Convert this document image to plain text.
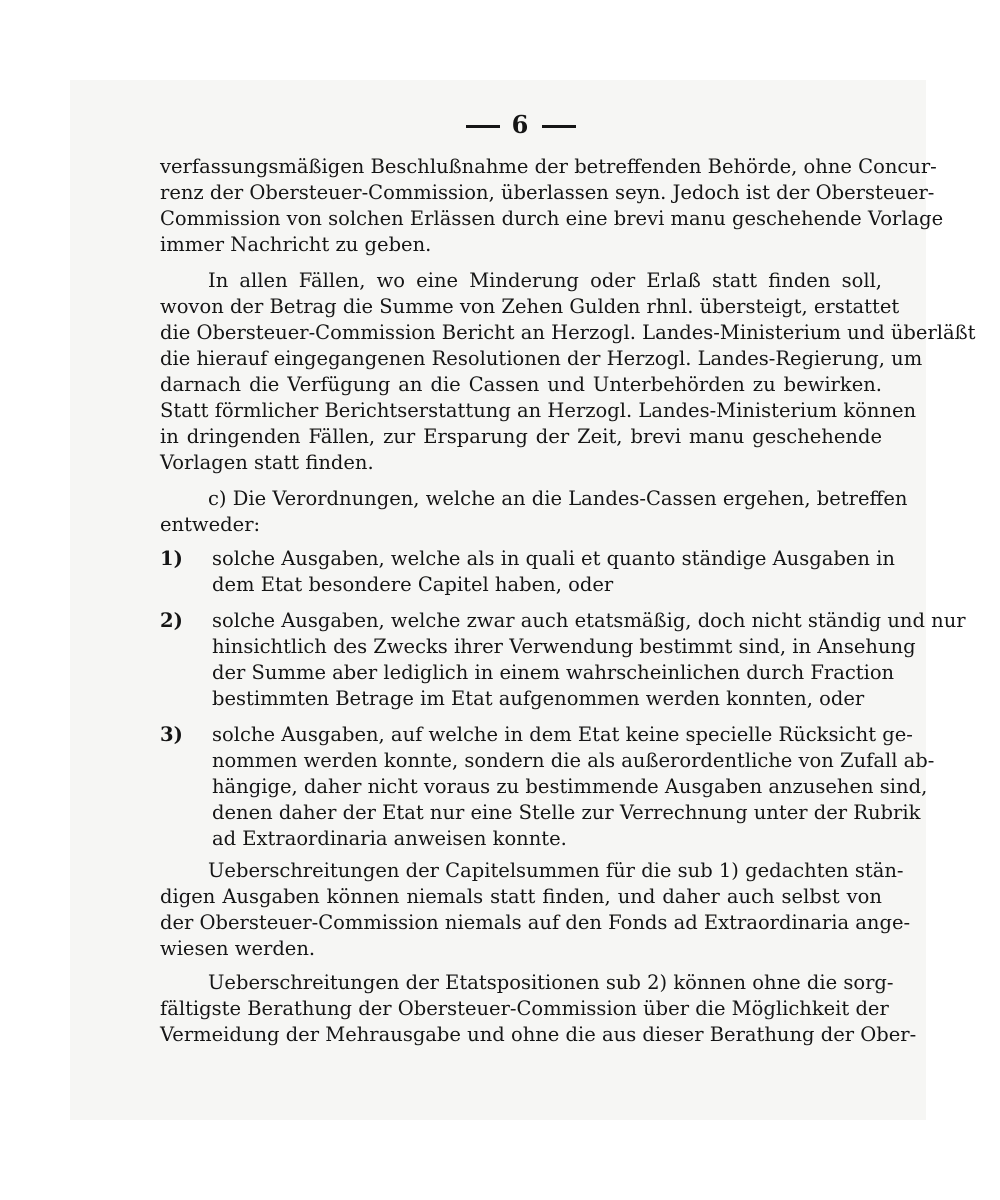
6
verfassungsmäßigen Beschlußnahme der betreffenden Behörde, ohne Concur-
renz der Obersteuer-Commission, überlassen seyn. Jedoch ist der Obersteuer-
Commission von solchen Erlässen durch eine brevi manu geschehende Vorlage
immer Nachricht zu geben.
In allen Fällen, wo eine Minderung oder Erlaß statt finden soll,
wovon der Betrag die Summe von Zehen Gulden rhnl. übersteigt, erstattet
die Obersteuer-Commission Bericht an Herzogl. Landes-Ministerium und überläßt
die hierauf eingegangenen Resolutionen der Herzogl. Landes-Regierung, um
darnach die Verfügung an die Cassen und Unterbehörden zu bewirken.
Statt förmlicher Berichtserstattung an Herzogl. Landes-Ministerium können
in dringenden Fällen, zur Ersparung der Zeit, brevi manu geschehende
Vorlagen statt finden.
c) Die Verordnungen, welche an die Landes-Cassen ergehen, betreffen
entweder:
1) solche Ausgaben, welche als in quali et quanto ständige Ausgaben in
dem Etat besondere Capitel haben, oder
2) solche Ausgaben, welche zwar auch etatsmäßig, doch nicht ständig und nur
hinsichtlich des Zwecks ihrer Verwendung bestimmt sind, in Ansehung
der Summe aber lediglich in einem wahrscheinlichen durch Fraction
bestimmten Betrage im Etat aufgenommen werden konnten, oder
3) solche Ausgaben, auf welche in dem Etat keine specielle Rücksicht ge-
nommen werden konnte, sondern die als außerordentliche von Zufall ab-
hängige, daher nicht voraus zu bestimmende Ausgaben anzusehen sind,
denen daher der Etat nur eine Stelle zur Verrechnung unter der Rubrik
ad Extraordinaria anweisen konnte.
Ueberschreitungen der Capitelsummen für die sub 1) gedachten stän-
digen Ausgaben können niemals statt finden, und daher auch selbst von
der Obersteuer-Commission niemals auf den Fonds ad Extraordinaria ange-
wiesen werden.
Ueberschreitungen der Etatspositionen sub 2) können ohne die sorg-
fältigste Berathung der Obersteuer-Commission über die Möglichkeit der
Vermeidung der Mehrausgabe und ohne die aus dieser Berathung der Ober-
